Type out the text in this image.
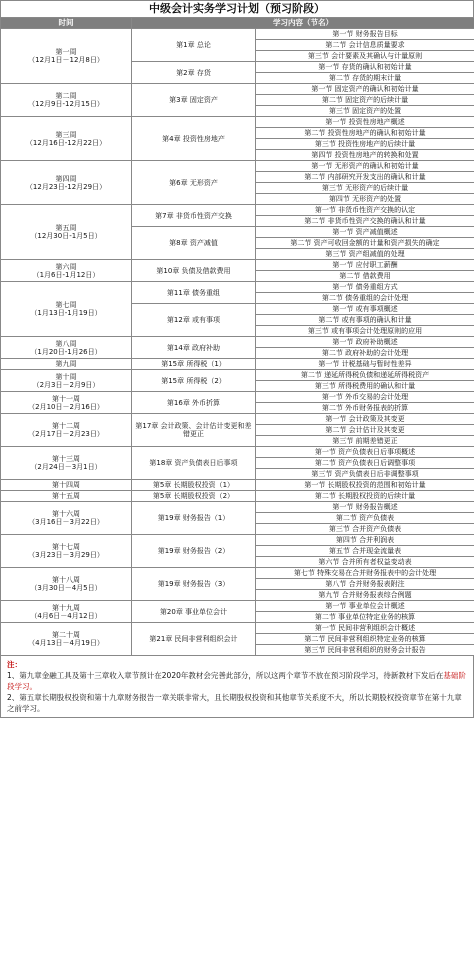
中级会计实务学习计划（预习阶段）
时间	学习内容（节名）	

第一周
（12月1日－12月8日）	第1章 总论	第一节 财务报告目标
		第二节 会计信息质量要求
		第三节 会计要素及其确认与计量原则
	第2章 存货	第一节 存货的确认和初始计量
		第二节 存货的期末计量

第二周
（12月9日-12月15日）	第3章 固定资产	第一节 固定资产的确认和初始计量
		第二节 固定资产的后续计量
		第三节 固定资产的处置

第三周
（12月16日-12月22日）	第4章 投资性房地产	第一节 投资性房地产概述
		第二节 投资性房地产的确认和初始计量
		第三节 投资性房地产的后续计量
		第四节 投资性房地产的转换和处置

第四周
（12月23日-12月29日）	第6章 无形资产	第一节 无形资产的确认和初始计量
		第二节 内部研究开发支出的确认和计量
		第三节 无形资产的后续计量
		第四节 无形资产的处置

第五周
（12月30日-1月5日）	第7章 非货币性资产交换	第一节 非货币性资产交换的认定
		第二节 非货币性资产交换的确认和计量
	第8章 资产减值	第一节 资产减值概述
		第二节 资产可收回金额的计量和资产损失的确定
		第三节 资产组减值的处理

第六周
（1月6日-1月12日）	第10章 负债及借款费用	第一节 应付职工薪酬
		第二节 借款费用

第七周
（1月13日-1月19日）	第11章 债务重组	第一节 债务重组方式
		第二节 债务重组的会计处理
	第12章 或有事项	第一节 或有事项概述
		第二节 或有事项的确认和计量
		第三节 或有事项会计处理原则的应用

第八周
（1月20日-1月26日）	第14章 政府补助	第一节 政府补助概述
		第二节 政府补助的会计处理

第九周	第15章 所得税（1）	第一节 计税基础与暂时性差异

第十周
（2月3日－2月9日）	第15章 所得税（2）	第二节 递延所得税负债和递延所得税资产
		第三节 所得税费用的确认和计量

第十一周
（2月10日－2月16日）	第16章 外币折算	第一节 外币交易的会计处理
		第二节 外币财务报表的折算

第十二周
（2月17日－2月23日）	第17章 会计政策、会计估计变更和差错更正	第一节 会计政策及其变更
		第二节 会计估计及其变更
		第三节 前期差错更正

第十三周
（2月24日－3月1日）	第18章 资产负债表日后事项	第一节 资产负债表日后事项概述
		第二节 资产负债表日后调整事项
		第三节 资产负债表日后非调整事项

第十四周	第5章 长期股权投资（1）	第一节 长期股权投资的范围和初始计量

第十五周	第5章 长期股权投资（2）	第二节 长期股权投资的后续计量

第十六周
（3月16日－3月22日）	第19章 财务报告（1）	第一节 财务报告概述
		第二节 资产负债表
		第三节 合并资产负债表

第十七周
（3月23日－3月29日）	第19章 财务报告（2）	第四节 合并利润表
		第五节 合并现金流量表
		第六节 合并所有者权益变动表

第十八周
（3月30日－4月5日）	第19章 财务报告（3）	第七节 特殊交易在合并财务报表中的会计处理
		第八节 合并财务报表附注
		第九节 合并财务报表综合例题

第十九周
（4月6日－4月12日）	第20章 事业单位会计	第一节 事业单位会计概述
		第二节 事业单位特定业务的核算

第二十周
（4月13日－4月19日）	第21章 民间非营利组织会计	第一节 民间非营利组织会计概述
		第二节 民间非营利组织特定业务的核算
		第三节 民间非营利组织的财务会计报告
注：
1、第九章金融工具及第十三章收入章节预计在2020年教材会完善此部分，所以这两个章节不放在预习阶段学习，待新教材下发后在基础阶段学习。
2、第五章长期股权投资和第十九章财务报告一章关联非常大，且长期股权投资和其他章节关系度不大，所以长期股权投资章节在第十九章之前学习。
